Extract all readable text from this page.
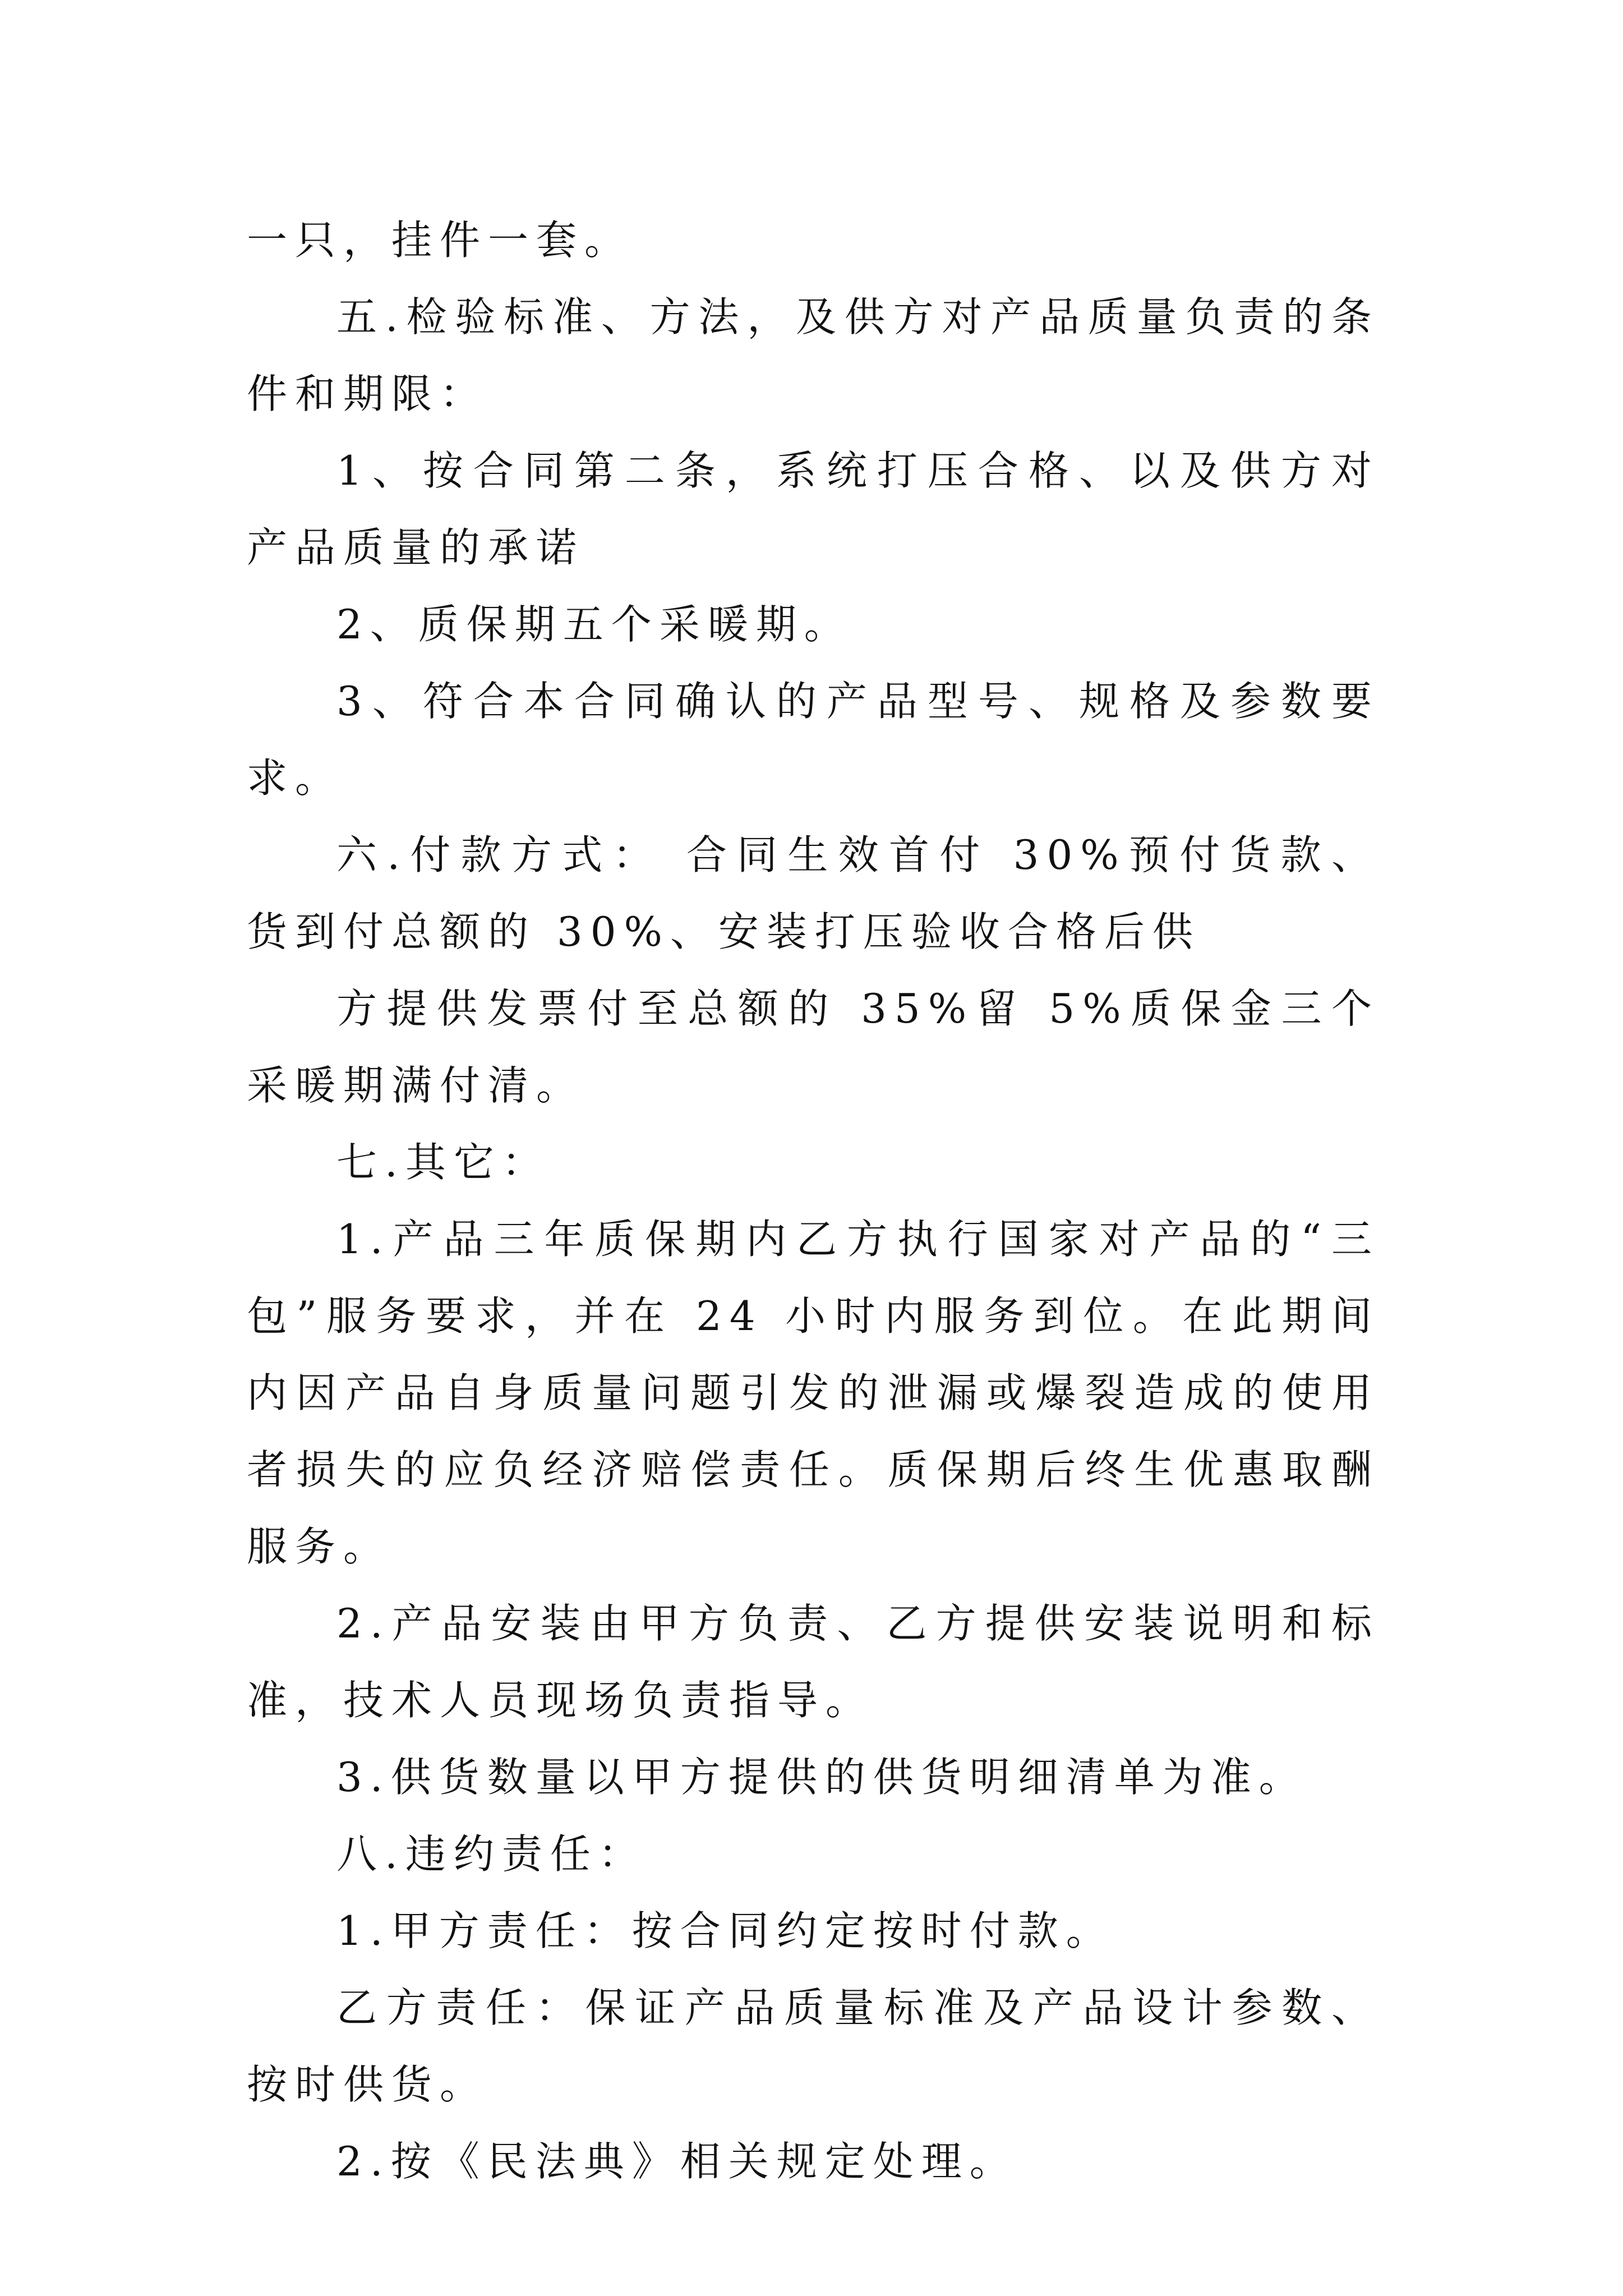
一只，挂件一套。

五.检验标准、方法，及供方对产品质量负责的条件和期限：

1、按合同第二条，系统打压合格、以及供方对产品质量的承诺

2、质保期五个采暖期。

3、符合本合同确认的产品型号、规格及参数要求。

六.付款方式： 合同生效首付 30%预付货款、货到付总额的 30%、安装打压验收合格后供

方提供发票付至总额的 35%留 5%质保金三个采暖期满付清。

七.其它：

1.产品三年质保期内乙方执行国家对产品的“三包”服务要求，并在 24 小时内服务到位。在此期间内因产品自身质量问题引发的泄漏或爆裂造成的使用者损失的应负经济赔偿责任。质保期后终生优惠取酬服务。

2.产品安装由甲方负责、乙方提供安装说明和标准，技术人员现场负责指导。

3.供货数量以甲方提供的供货明细清单为准。

八.违约责任：

1.甲方责任：按合同约定按时付款。

乙方责任：保证产品质量标准及产品设计参数、按时供货。

2.按《民法典》相关规定处理。
